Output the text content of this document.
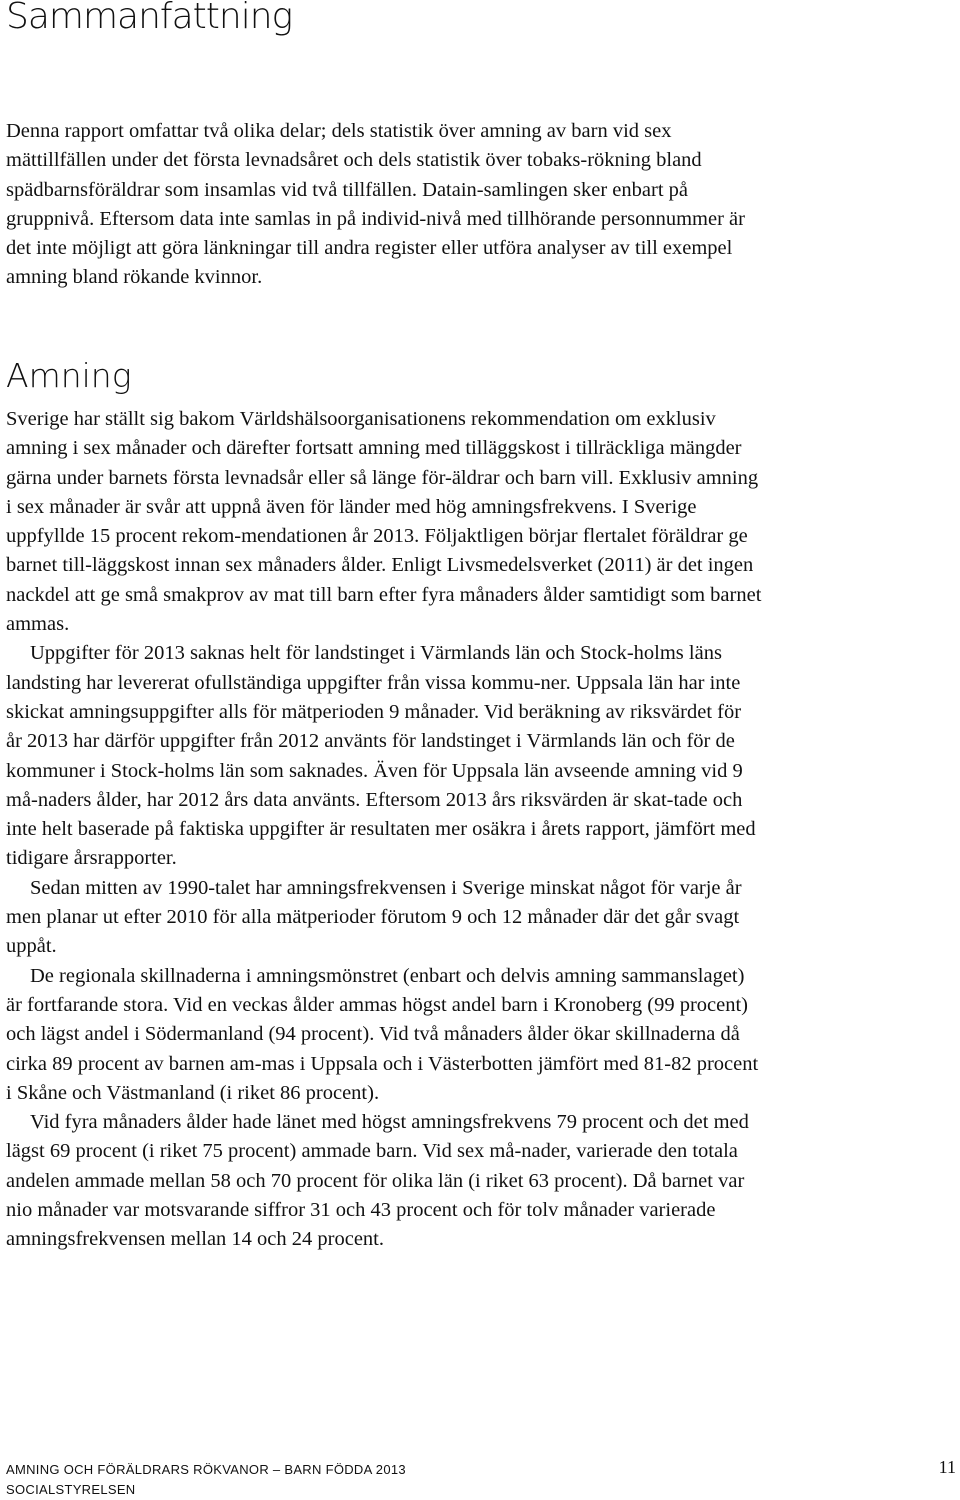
Sammanfattning

Denna rapport omfattar två olika delar; dels statistik över amning av barn vid sex mättillfällen under det första levnadsåret och dels statistik över tobaks-rökning bland spädbarnsföräldrar som insamlas vid två tillfällen. Datain-samlingen sker enbart på gruppnivå. Eftersom data inte samlas in på individ-nivå med tillhörande personnummer är det inte möjligt att göra länkningar till andra register eller utföra analyser av till exempel amning bland rökande kvinnor.

Amning

Sverige har ställt sig bakom Världshälsoorganisationens rekommendation om exklusiv amning i sex månader och därefter fortsatt amning med tilläggskost i tillräckliga mängder gärna under barnets första levnadsår eller så länge för-äldrar och barn vill. Exklusiv amning i sex månader är svår att uppnå även för länder med hög amningsfrekvens. I Sverige uppfyllde 15 procent rekom-mendationen år 2013. Följaktligen börjar flertalet föräldrar ge barnet till-läggskost innan sex månaders ålder. Enligt Livsmedelsverket (2011) är det ingen nackdel att ge små smakprov av mat till barn efter fyra månaders ålder samtidigt som barnet ammas.

Uppgifter för 2013 saknas helt för landstinget i Värmlands län och Stock-holms läns landsting har levererat ofullständiga uppgifter från vissa kommu-ner. Uppsala län har inte skickat amningsuppgifter alls för mätperioden 9 månader. Vid beräkning av riksvärdet för år 2013 har därför uppgifter från 2012 använts för landstinget i Värmlands län och för de kommuner i Stock-holms län som saknades. Även för Uppsala län avseende amning vid 9 må-naders ålder, har 2012 års data använts. Eftersom 2013 års riksvärden är skat-tade och inte helt baserade på faktiska uppgifter är resultaten mer osäkra i årets rapport, jämfört med tidigare årsrapporter.

Sedan mitten av 1990-talet har amningsfrekvensen i Sverige minskat något för varje år men planar ut efter 2010 för alla mätperioder förutom 9 och 12 månader där det går svagt uppåt.

De regionala skillnaderna i amningsmönstret (enbart och delvis amning sammanslaget) är fortfarande stora. Vid en veckas ålder ammas högst andel barn i Kronoberg (99 procent) och lägst andel i Södermanland (94 procent). Vid två månaders ålder ökar skillnaderna då cirka 89 procent av barnen am-mas i Uppsala och i Västerbotten jämfört med 81-82 procent i Skåne och Västmanland (i riket 86 procent).

Vid fyra månaders ålder hade länet med högst amningsfrekvens 79 procent och det med lägst 69 procent (i riket 75 procent) ammade barn. Vid sex må-nader, varierade den totala andelen ammade mellan 58 och 70 procent för olika län (i riket 63 procent). Då barnet var nio månader var motsvarande siffror 31 och 43 procent och för tolv månader varierade amningsfrekvensen mellan 14 och 24 procent.

AMNING OCH FÖRÄLDRARS RÖKVANOR – BARN FÖDDA 2013
SOCIALSTYRELSEN
11
